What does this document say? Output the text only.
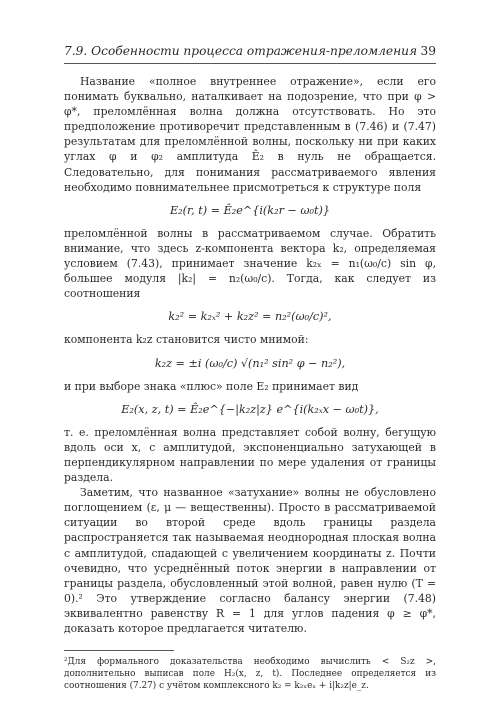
7.9. Особенности процесса отражения-преломления 39

Название «полное внутреннее отражение», если его понимать буквально, наталкивает на подозрение, что при φ > φ*, преломлённая волна должна отсутствовать. Но это предположение противоречит представленным в (7.46) и (7.47) результатам для преломлённой волны, поскольку ни при каких углах φ и φ₂ амплитуда Ê₂ в нуль не обращается. Следовательно, для понимания рассматриваемого явления необходимо повнимательнее присмотреться к структуре поля

E₂(r, t) = Ê₂e^{i(k₂r − ω₀t)}

преломлённой волны в рассматриваемом случае. Обратить внимание, что здесь z-компонента вектора k₂, определяемая условием (7.43), принимает значение k₂ₓ = n₁(ω₀/c) sin φ, большее модуля |k₂| = n₂(ω₀/c). Тогда, как следует из соотношения

k₂² = k₂ₓ² + k₂z² = n₂²(ω₀/c)²,

компонента k₂z становится чисто мнимой:

k₂z = ±i (ω₀/c) √(n₁² sin² φ − n₂²),

и при выборе знака «плюс» поле E₂ принимает вид

E₂(x, z, t) = Ê₂e^{−|k₂z|z} e^{i(k₂ₓx − ω₀t)},

т. е. преломлённая волна представляет собой волну, бегущую вдоль оси x, с амплитудой, экспоненциально затухающей в перпендикулярном направлении по мере удаления от границы раздела.

Заметим, что названное «затухание» волны не обусловлено поглощением (ε, μ — вещественны). Просто в рассматриваемой ситуации во второй среде вдоль границы раздела распространяется так называемая неоднородная плоская волна с амплитудой, спадающей с увеличением координаты z. Почти очевидно, что усреднённый поток энергии в направлении от границы раздела, обусловленный этой волной, равен нулю (T = 0).² Это утверждение согласно балансу энергии (7.48) эквивалентно равенству R = 1 для углов падения φ ≥ φ*, доказать которое предлагается читателю.

²Для формального доказательства необходимо вычислить < S₂z >, дополнительно выписав поле H₂(x, z, t). Последнее определяется из соотношения (7.27) с учётом комплексного k₂ = k₂ₓeₓ + i|k₂z|e_z.
